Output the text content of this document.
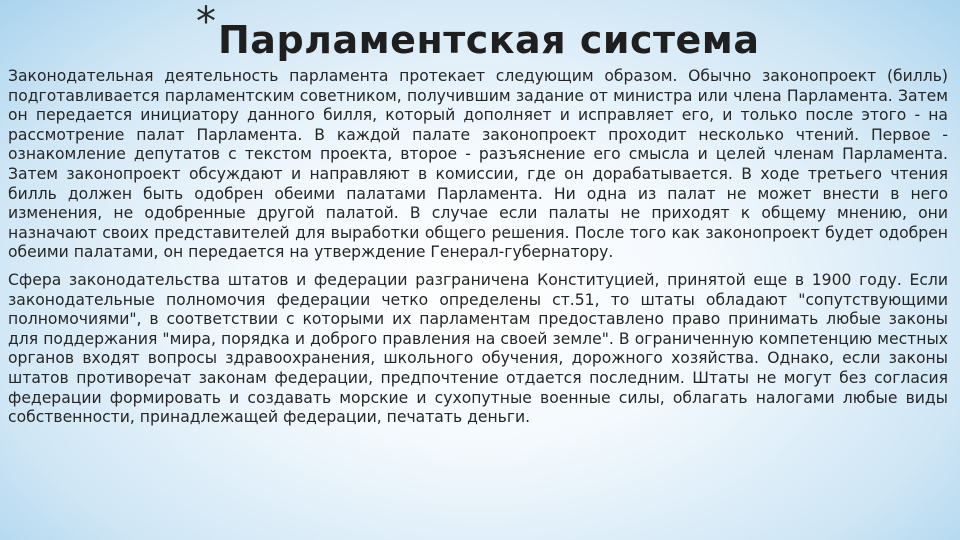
* Парламентская система

Законодательная деятельность парламента протекает следующим образом. Обычно законопроект (билль) подготавливается парламентским советником, получившим задание от министра или члена Парламента. Затем он передается инициатору данного билля, который дополняет и исправляет его, и только после этого - на рассмотрение палат Парламента. В каждой палате законопроект проходит несколько чтений. Первое - ознакомление депутатов с текстом проекта, второе - разъяснение его смысла и целей членам Парламента. Затем законопроект обсуждают и направляют в комиссии, где он дорабатывается. В ходе третьего чтения билль должен быть одобрен обеими палатами Парламента. Ни одна из палат не может внести в него изменения, не одобренные другой палатой. В случае если палаты не приходят к общему мнению, они назначают своих представителей для выработки общего решения. После того как законопроект будет одобрен обеими палатами, он передается на утверждение Генерал-губернатору.

Сфера законодательства штатов и федерации разграничена Конституцией, принятой еще в 1900 году. Если законодательные полномочия федерации четко определены ст.51, то штаты обладают "сопутствующими полномочиями", в соответствии с которыми их парламентам предоставлено право принимать любые законы для поддержания "мира, порядка и доброго правления на своей земле". В ограниченную компетенцию местных органов входят вопросы здравоохранения, школьного обучения, дорожного хозяйства. Однако, если законы штатов противоречат законам федерации, предпочтение отдается последним. Штаты не могут без согласия федерации формировать и создавать морские и сухопутные военные силы, облагать налогами любые виды собственности, принадлежащей федерации, печатать деньги.
